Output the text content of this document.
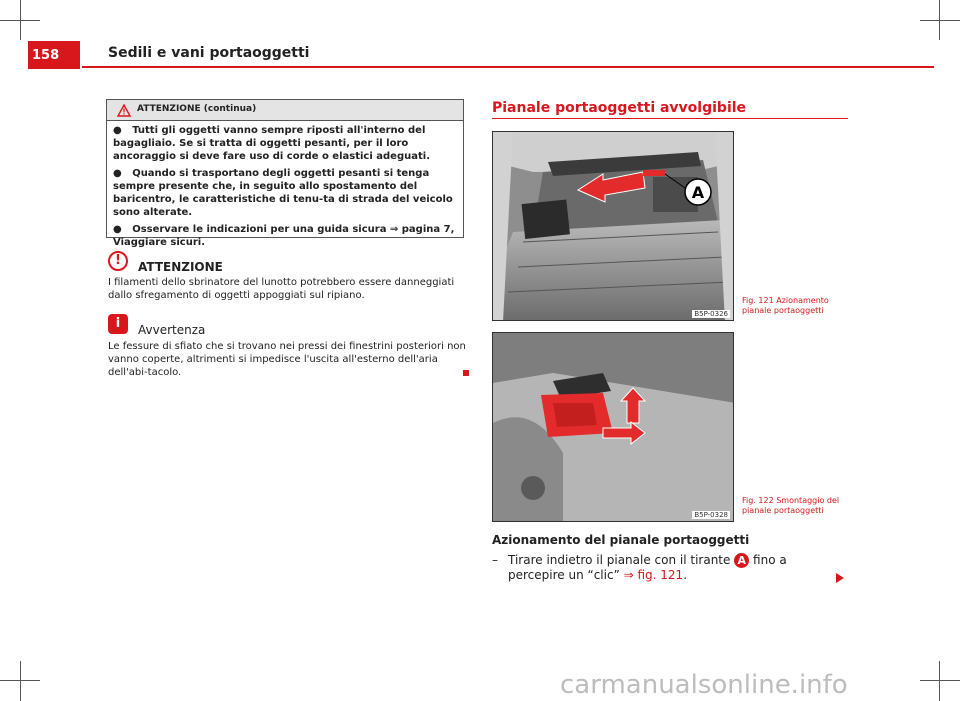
158	Sedili e vani portaoggetti
ATTENZIONE (continua)

● Tutti gli oggetti vanno sempre riposti all'interno del bagagliaio. Se si tratta di oggetti pesanti, per il loro ancoraggio si deve fare uso di corde o elastici adeguati.

● Quando si trasportano degli oggetti pesanti si tenga sempre presente che, in seguito allo spostamento del baricentro, le caratteristiche di tenu-ta di strada del veicolo sono alterate.

● Osservare le indicazioni per una guida sicura ⇒ pagina 7, Viaggiare sicuri.

!	ATTENZIONE
I filamenti dello sbrinatore del lunotto potrebbero essere danneggiati dallo sfregamento di oggetti appoggiati sul ripiano.
i	Avvertenza
Le fessure di sfiato che si trovano nei pressi dei finestrini posteriori non vanno coperte, altrimenti si impedisce l'uscita all'esterno dell'aria dell'abi-tacolo.
Pianale portaoggetti avvolgibile
A
B5P-0326
Fig. 121 Azionamento pianale portaoggetti
B5P-0328
Fig. 122 Smontaggio del pianale portaoggetti
Azionamento del pianale portaoggetti
– Tirare indietro il pianale con il tirante A fino a percepire un “clic” ⇒ fig. 121.
carmanualsonline.info
